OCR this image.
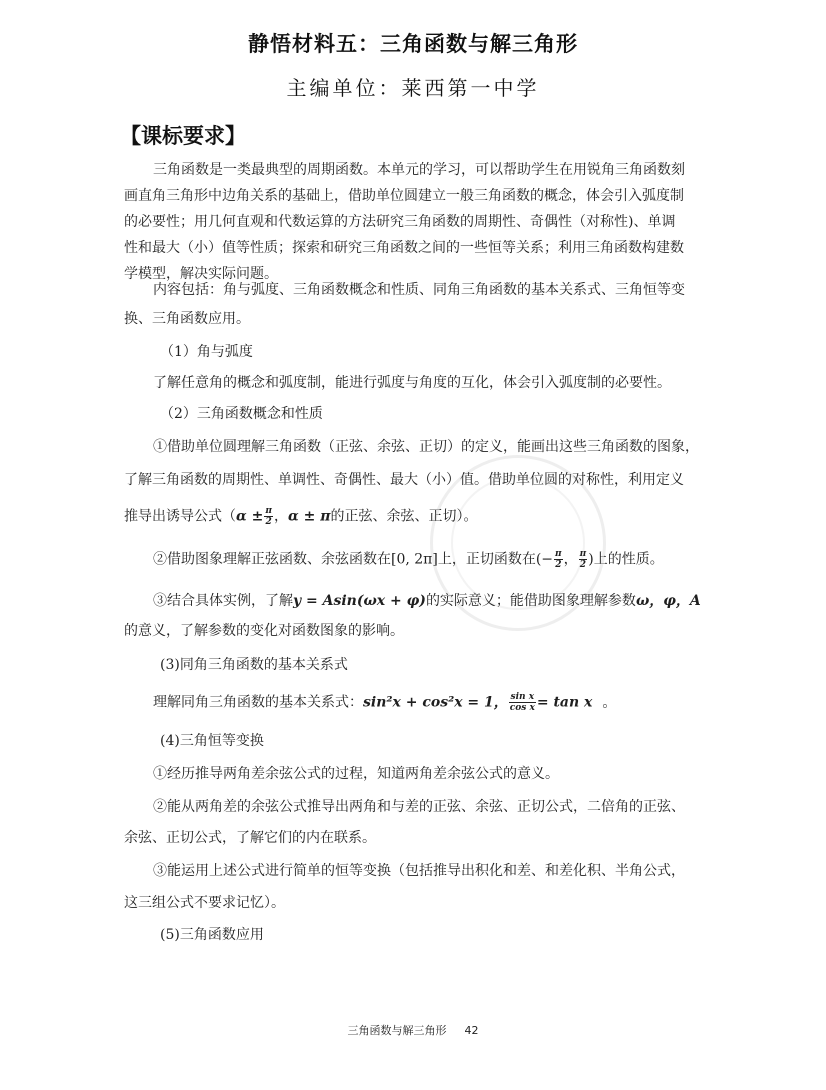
静悟材料五：三角函数与解三角形
主编单位：莱西第一中学
【课标要求】
三角函数是一类最典型的周期函数。本单元的学习，可以帮助学生在用锐角三角函数刻
画直角三角形中边角关系的基础上，借助单位圆建立一般三角函数的概念，体会引入弧度制
的必要性；用几何直观和代数运算的方法研究三角函数的周期性、奇偶性（对称性)、单调
性和最大（小）值等性质；探索和研究三角函数之间的一些恒等关系；利用三角函数构建数
学模型，解决实际问题。
内容包括：角与弧度、三角函数概念和性质、同角三角函数的基本关系式、三角恒等变
换、三角函数应用。
（1）角与弧度
了解任意角的概念和弧度制，能进行弧度与角度的互化，体会引入弧度制的必要性。
（2）三角函数概念和性质
①借助单位圆理解三角函数（正弦、余弦、正切）的定义，能画出这些三角函数的图象，
了解三角函数的周期性、单调性、奇偶性、最大（小）值。借助单位圆的对称性，利用定义
推导出诱导公式（$\alpha \pm \frac{\pi}{2}$ ，α ± π的正弦、余弦、正切）。
②借助图象理解正弦函数、余弦函数在[0, 2π]上，正切函数在(− $\frac{\pi}{2}$ ， $\frac{\pi}{2}$ )上的性质。
③结合具体实例，了解y = Asin(ωx + φ)的实际意义；能借助图象理解参数ω，φ，A
的意义，了解参数的变化对函数图象的影响。
(3)同角三角函数的基本关系式
理解同角三角函数的基本关系式：sin²x + cos²x = 1， $\frac{\text{sin x}}{\text{cos x}} = \tan x$ 。
(4)三角恒等变换
①经历推导两角差余弦公式的过程，知道两角差余弦公式的意义。
②能从两角差的余弦公式推导出两角和与差的正弦、余弦、正切公式，二倍角的正弦、
余弦、正切公式，了解它们的内在联系。
③能运用上述公式进行简单的恒等变换（包括推导出积化和差、和差化积、半角公式，
这三组公式不要求记忆）。
(5)三角函数应用
三角函数与解三角形 42
